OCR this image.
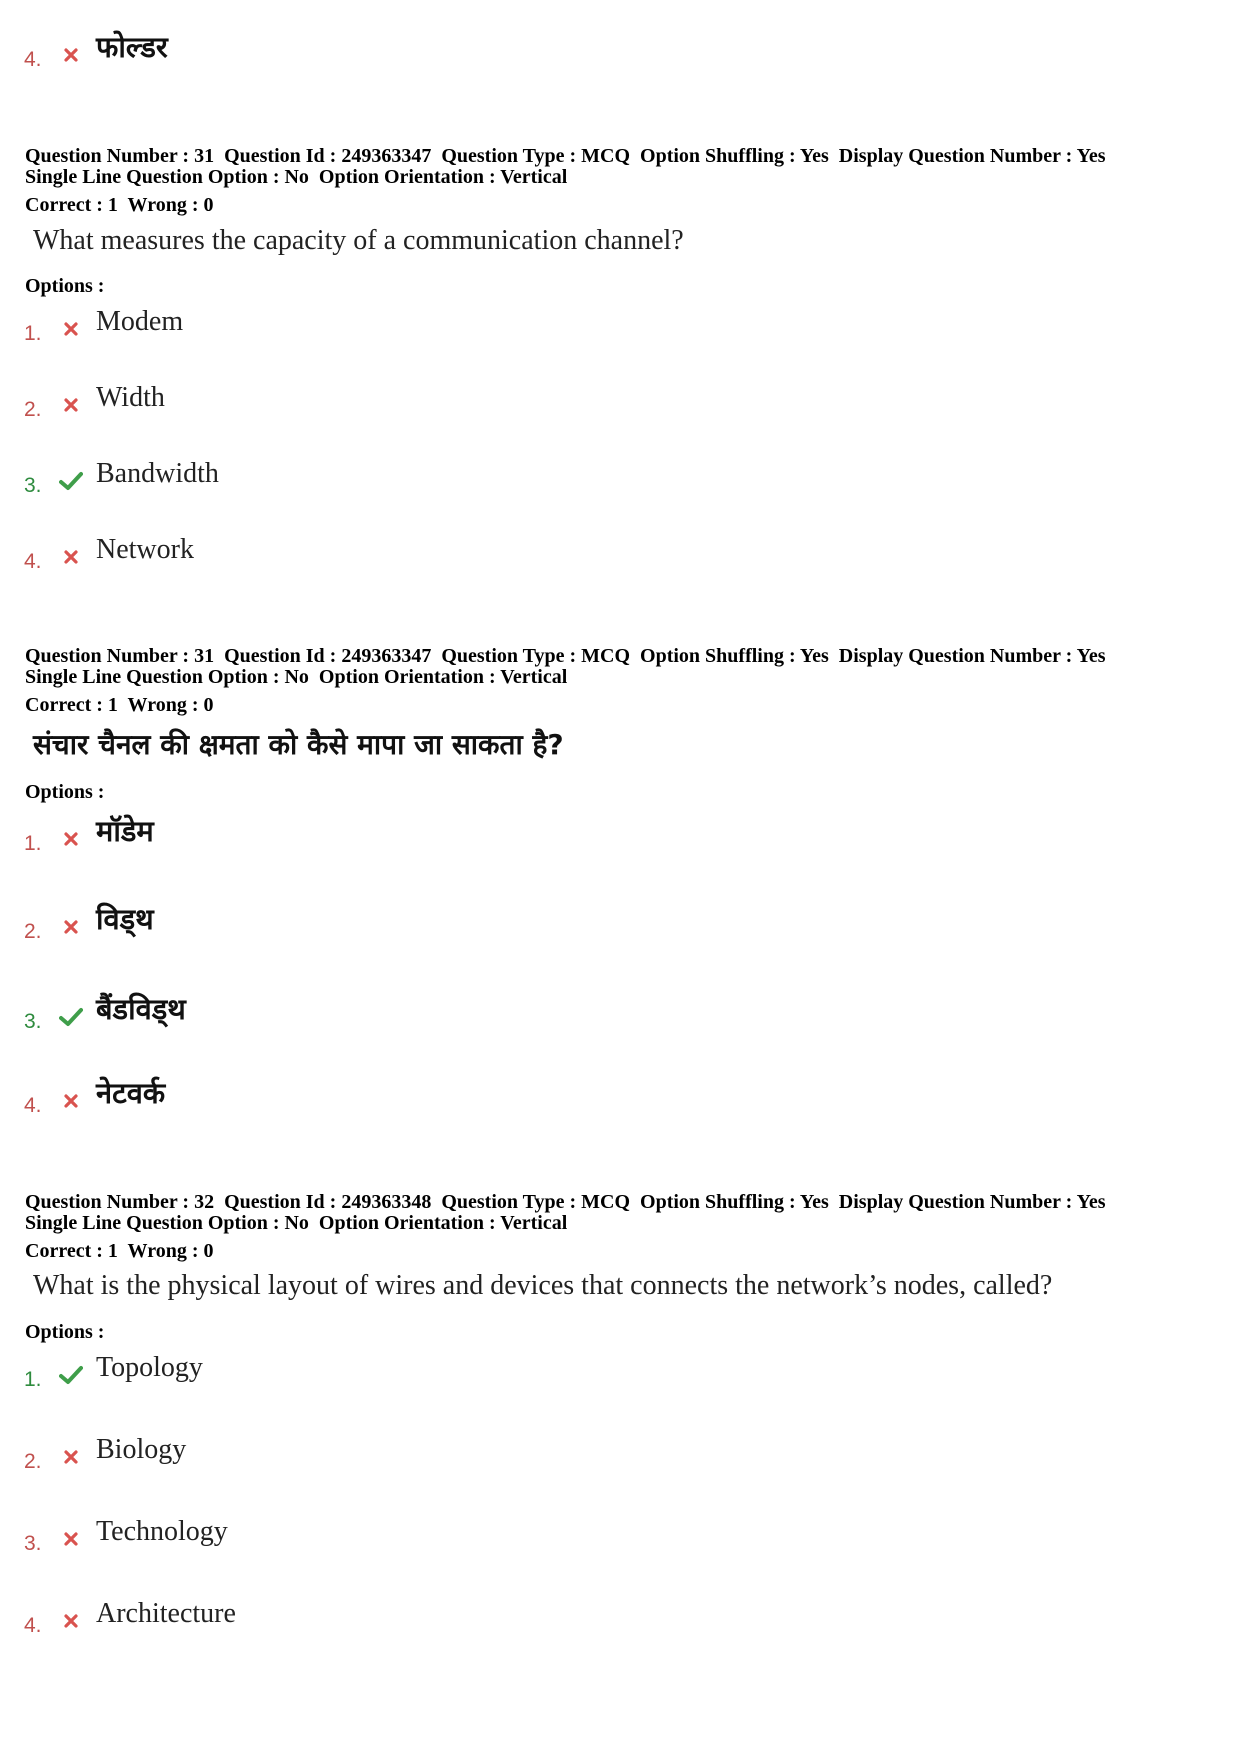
4.	फोल्डर
Question Number : 31  Question Id : 249363347  Question Type : MCQ  Option Shuffling : Yes  Display Question Number : Yes
Single Line Question Option : No  Option Orientation : Vertical
Correct : 1  Wrong : 0
What measures the capacity of a communication channel?
Options :
1.	Modem
2.	Width
3.	Bandwidth
4.	Network
Question Number : 31  Question Id : 249363347  Question Type : MCQ  Option Shuffling : Yes  Display Question Number : Yes
Single Line Question Option : No  Option Orientation : Vertical
Correct : 1  Wrong : 0
संचार चैनल की क्षमता को कैसे मापा जा साकता है?
Options :
1.	मॉडेम
2.	विड्थ
3.	बैंडविड्थ
4.	नेटवर्क
Question Number : 32  Question Id : 249363348  Question Type : MCQ  Option Shuffling : Yes  Display Question Number : Yes
Single Line Question Option : No  Option Orientation : Vertical
Correct : 1  Wrong : 0
What is the physical layout of wires and devices that connects the network’s nodes, called?
Options :
1.	Topology
2.	Biology
3.	Technology
4.	Architecture
